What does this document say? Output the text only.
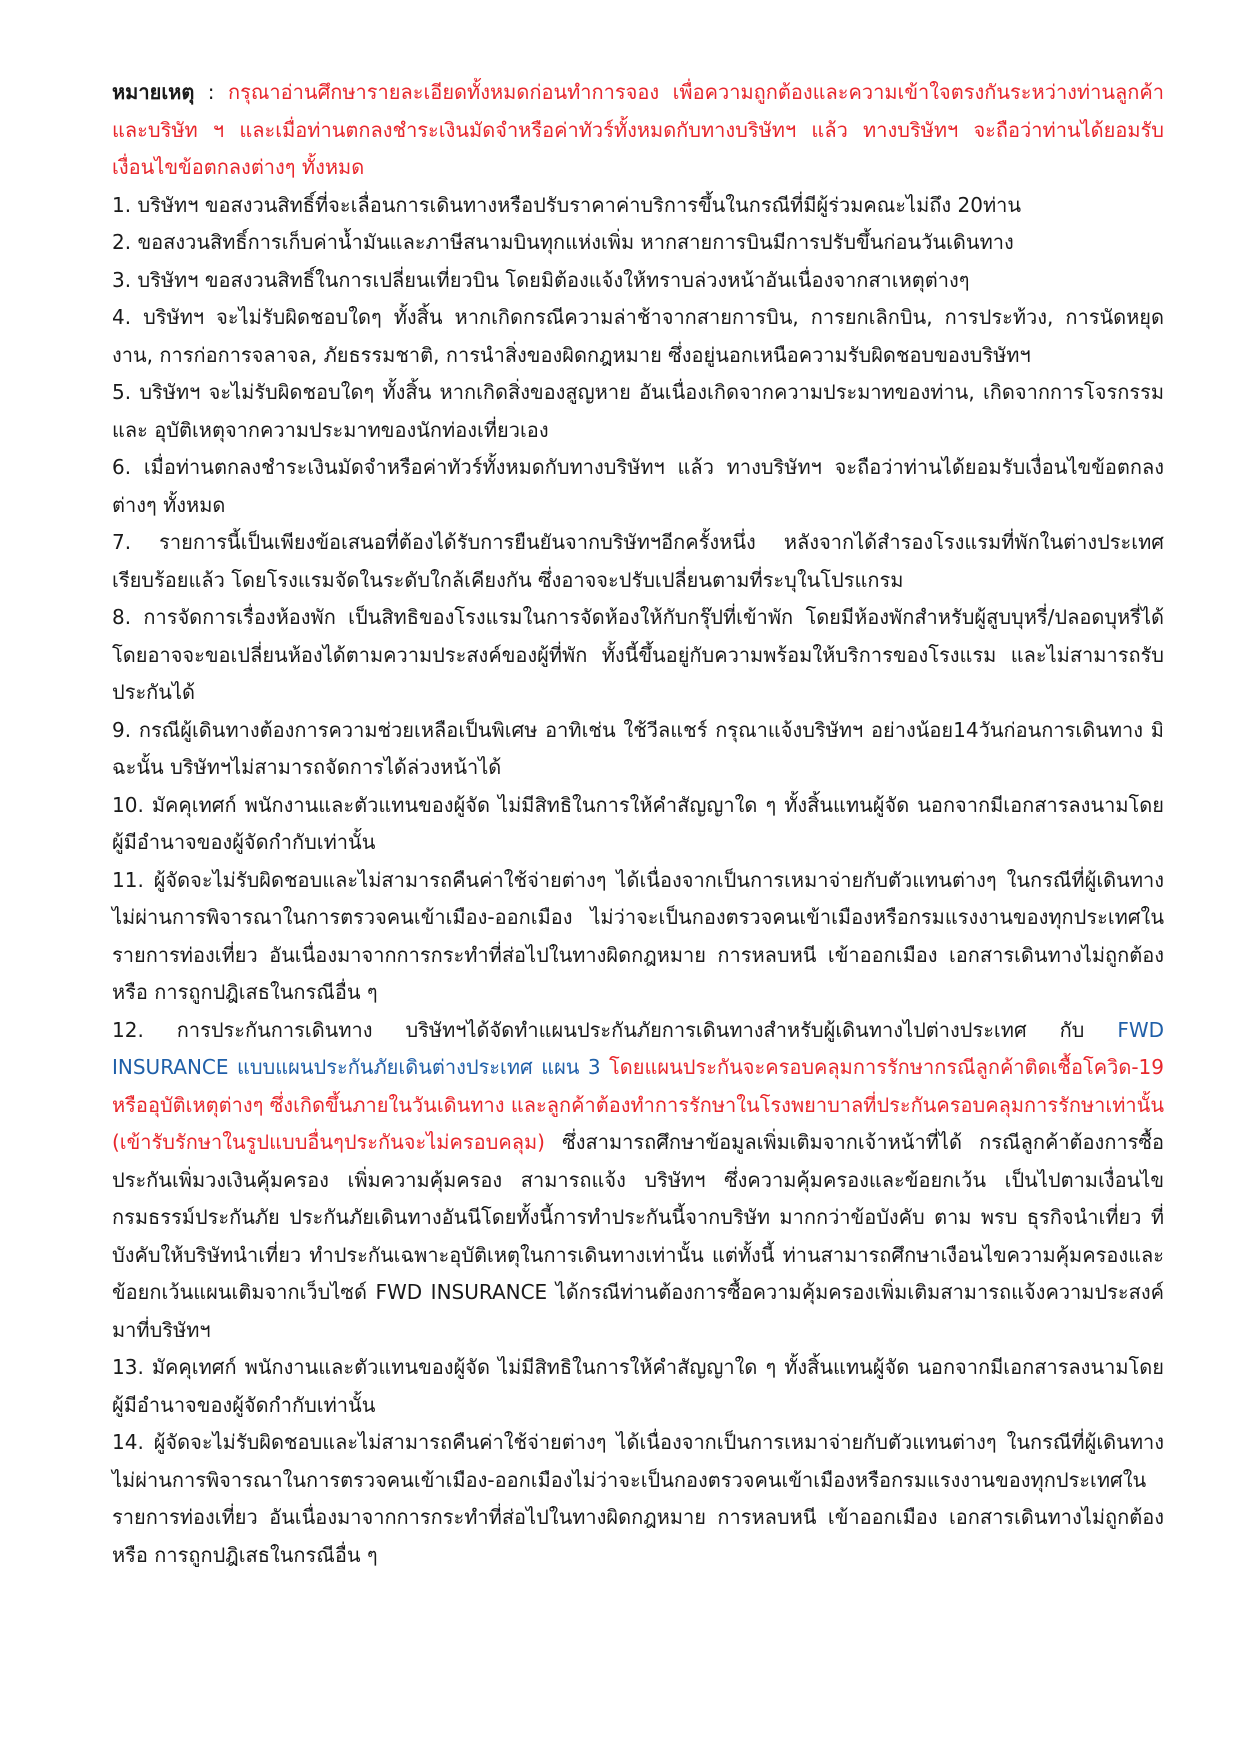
หมายเหตุ : กรุณาอ่านศึกษารายละเอียดทั้งหมดก่อนทำการจอง เพื่อความถูกต้องและความเข้าใจตรงกันระหว่างท่านลูกค้าและบริษัท ฯ และเมื่อท่านตกลงชำระเงินมัดจำหรือค่าทัวร์ทั้งหมดกับทางบริษัทฯ แล้ว ทางบริษัทฯ จะถือว่าท่านได้ยอมรับเงื่อนไขข้อตกลงต่างๆ ทั้งหมด

1. บริษัทฯ ขอสงวนสิทธิ์ที่จะเลื่อนการเดินทางหรือปรับราคาค่าบริการขึ้นในกรณีที่มีผู้ร่วมคณะไม่ถึง 20ท่าน

2. ขอสงวนสิทธิ์การเก็บค่าน้ำมันและภาษีสนามบินทุกแห่งเพิ่ม หากสายการบินมีการปรับขึ้นก่อนวันเดินทาง

3. บริษัทฯ ขอสงวนสิทธิ์ในการเปลี่ยนเที่ยวบิน โดยมิต้องแจ้งให้ทราบล่วงหน้าอันเนื่องจากสาเหตุต่างๆ

4. บริษัทฯ จะไม่รับผิดชอบใดๆ ทั้งสิ้น หากเกิดกรณีความล่าช้าจากสายการบิน, การยกเลิกบิน, การประท้วง, การนัดหยุดงาน, การก่อการจลาจล, ภัยธรรมชาติ, การนำสิ่งของผิดกฎหมาย ซึ่งอยู่นอกเหนือความรับผิดชอบของบริษัทฯ

5. บริษัทฯ จะไม่รับผิดชอบใดๆ ทั้งสิ้น หากเกิดสิ่งของสูญหาย อันเนื่องเกิดจากความประมาทของท่าน, เกิดจากการโจรกรรม และ อุบัติเหตุจากความประมาทของนักท่องเที่ยวเอง

6. เมื่อท่านตกลงชำระเงินมัดจำหรือค่าทัวร์ทั้งหมดกับทางบริษัทฯ แล้ว ทางบริษัทฯ จะถือว่าท่านได้ยอมรับเงื่อนไขข้อตกลงต่างๆ ทั้งหมด

7. รายการนี้เป็นเพียงข้อเสนอที่ต้องได้รับการยืนยันจากบริษัทฯอีกครั้งหนึ่ง หลังจากได้สำรองโรงแรมที่พักในต่างประเทศเรียบร้อยแล้ว โดยโรงแรมจัดในระดับใกล้เคียงกัน ซึ่งอาจจะปรับเปลี่ยนตามที่ระบุในโปรแกรม

8. การจัดการเรื่องห้องพัก เป็นสิทธิของโรงแรมในการจัดห้องให้กับกรุ๊ปที่เข้าพัก โดยมีห้องพักสำหรับผู้สูบบุหรี่/ปลอดบุหรี่ได้ โดยอาจจะขอเปลี่ยนห้องได้ตามความประสงค์ของผู้ที่พัก ทั้งนี้ขึ้นอยู่กับความพร้อมให้บริการของโรงแรม และไม่สามารถรับประกันได้

9. กรณีผู้เดินทางต้องการความช่วยเหลือเป็นพิเศษ อาทิเช่น ใช้วีลแชร์ กรุณาแจ้งบริษัทฯ อย่างน้อย14วันก่อนการเดินทาง มิฉะนั้น บริษัทฯไม่สามารถจัดการได้ล่วงหน้าได้

10. มัคคุเทศก์ พนักงานและตัวแทนของผู้จัด ไม่มีสิทธิในการให้คำสัญญาใด ๆ ทั้งสิ้นแทนผู้จัด นอกจากมีเอกสารลงนามโดยผู้มีอำนาจของผู้จัดกำกับเท่านั้น

11. ผู้จัดจะไม่รับผิดชอบและไม่สามารถคืนค่าใช้จ่ายต่างๆ ได้เนื่องจากเป็นการเหมาจ่ายกับตัวแทนต่างๆ ในกรณีที่ผู้เดินทางไม่ผ่านการพิจารณาในการตรวจคนเข้าเมือง-ออกเมือง ไม่ว่าจะเป็นกองตรวจคนเข้าเมืองหรือกรมแรงงานของทุกประเทศในรายการท่องเที่ยว อันเนื่องมาจากการกระทำที่ส่อไปในทางผิดกฎหมาย การหลบหนี เข้าออกเมือง เอกสารเดินทางไม่ถูกต้อง หรือ การถูกปฎิเสธในกรณีอื่น ๆ

12. การประกันการเดินทาง บริษัทฯได้จัดทำแผนประกันภัยการเดินทางสำหรับผู้เดินทางไปต่างประเทศ กับ FWD INSURANCE แบบแผนประกันภัยเดินต่างประเทศ แผน 3 โดยแผนประกันจะครอบคลุมการรักษากรณีลูกค้าติดเชื้อโควิด-19 หรืออุบัติเหตุต่างๆ ซึ่งเกิดขึ้นภายในวันเดินทาง และลูกค้าต้องทำการรักษาในโรงพยาบาลที่ประกันครอบคลุมการรักษาเท่านั้น (เข้ารับรักษาในรูปแบบอื่นๆประกันจะไม่ครอบคลุม) ซึ่งสามารถศึกษาข้อมูลเพิ่มเติมจากเจ้าหน้าที่ได้ กรณีลูกค้าต้องการซื้อประกันเพิ่มวงเงินคุ้มครอง เพิ่มความคุ้มครอง สามารถแจ้ง บริษัทฯ ซึ่งความคุ้มครองและข้อยกเว้น เป็นไปตามเงื่อนไขกรมธรรม์ประกันภัย ประกันภัยเดินทางอันนีโดยทั้งนี้การทำประกันนี้จากบริษัท มากกว่าข้อบังคับ ตาม พรบ ธุรกิจนำเที่ยว ที่บังคับให้บริษัทนำเที่ยว ทำประกันเฉพาะอุบัติเหตุในการเดินทางเท่านั้น แต่ทั้งนี้ ท่านสามารถศึกษาเงือนไขความคุ้มครองและข้อยกเว้นแผนเติมจากเว็บไซด์ FWD INSURANCE ได้กรณีท่านต้องการซื้อความคุ้มครองเพิ่มเติมสามารถแจ้งความประสงค์มาที่บริษัทฯ

13. มัคคุเทศก์ พนักงานและตัวแทนของผู้จัด ไม่มีสิทธิในการให้คำสัญญาใด ๆ ทั้งสิ้นแทนผู้จัด นอกจากมีเอกสารลงนามโดยผู้มีอำนาจของผู้จัดกำกับเท่านั้น

14. ผู้จัดจะไม่รับผิดชอบและไม่สามารถคืนค่าใช้จ่ายต่างๆ ได้เนื่องจากเป็นการเหมาจ่ายกับตัวแทนต่างๆ ในกรณีที่ผู้เดินทางไม่ผ่านการพิจารณาในการตรวจคนเข้าเมือง-ออกเมืองไม่ว่าจะเป็นกองตรวจคนเข้าเมืองหรือกรมแรงงานของทุกประเทศในรายการท่องเที่ยว อันเนื่องมาจากการกระทำที่ส่อไปในทางผิดกฎหมาย การหลบหนี เข้าออกเมือง เอกสารเดินทางไม่ถูกต้อง หรือ การถูกปฎิเสธในกรณีอื่น ๆ
